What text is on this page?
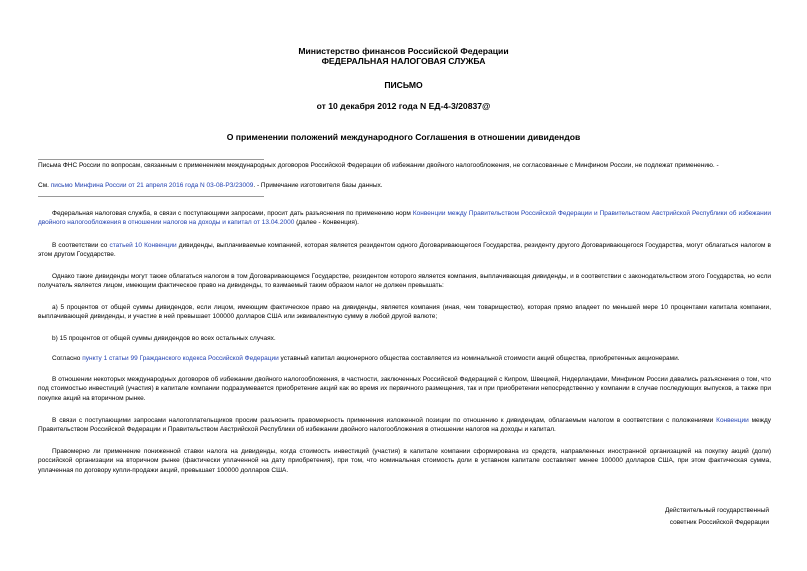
Министерство финансов Российской Федерации
ФЕДЕРАЛЬНАЯ НАЛОГОВАЯ СЛУЖБА
ПИСЬМО
от 10 декабря 2012 года N ЕД-4-3/20837@
О применении положений международного Соглашения в отношении дивидендов
Письма ФНС России по вопросам, связанным с применением международных договоров Российской Федерации об избежании двойного налогообложения, не согласованные с Минфином России, не подлежат применению. -
См. письмо Минфина России от 21 апреля 2016 года N 03-08-РЗ/23009. - Примечание изготовителя базы данных.
Федеральная налоговая служба, в связи с поступающими запросами, просит дать разъяснения по применению норм Конвенции между Правительством Российской Федерации и Правительством Австрийской Республики об избежании двойного налогообложения в отношении налогов на доходы и капитал от 13.04.2000 (далее - Конвенция).
В соответствии со статьей 10 Конвенции дивиденды, выплачиваемые компанией, которая является резидентом одного Договаривающегося Государства, резиденту другого Договаривающегося Государства, могут облагаться налогом в этом другом Государстве.
Однако такие дивиденды могут также облагаться налогом в том Договаривающемся Государстве, резидентом которого является компания, выплачивающая дивиденды, и в соответствии с законодательством этого Государства, но если получатель является лицом, имеющим фактическое право на дивиденды, то взимаемый таким образом налог не должен превышать:
а) 5 процентов от общей суммы дивидендов, если лицом, имеющим фактическое право на дивиденды, является компания (иная, чем товарищество), которая прямо владеет по меньшей мере 10 процентами капитала компании, выплачивающей дивиденды, и участие в ней превышает 100000 долларов США или эквивалентную сумму в любой другой валюте;
b) 15 процентов от общей суммы дивидендов во всех остальных случаях.
Согласно пункту 1 статьи 99 Гражданского кодекса Российской Федерации уставный капитал акционерного общества составляется из номинальной стоимости акций общества, приобретенных акционерами.
В отношении некоторых международных договоров об избежании двойного налогообложения, в частности, заключенных Российской Федерацией с Кипром, Швецией, Нидерландами, Минфином России давались разъяснения о том, что под стоимостью инвестиций (участия) в капитале компании подразумевается приобретение акций как во время их первичного размещения, так и при приобретении непосредственно у компании в случае последующих выпусков, а также при покупке акций на вторичном рынке.
В связи с поступающими запросами налогоплательщиков просим разъяснить правомерность применения изложенной позиции по отношению к дивидендам, облагаемым налогом в соответствии с положениями Конвенции между Правительством Российской Федерации и Правительством Австрийской Республики об избежании двойного налогообложения в отношении налогов на доходы и капитал.
Правомерно ли применение пониженной ставки налога на дивиденды, когда стоимость инвестиций (участия) в капитале компании сформирована из средств, направленных иностранной организацией на покупку акций (доли) российской организации на вторичном рынке (фактически уплаченной на дату приобретения), при том, что номинальная стоимость доли в уставном капитале составляет менее 100000 долларов США, при этом фактическая сумма, уплаченная по договору купли-продажи акций, превышает 100000 долларов США.
Действительный государственный
советник Российской Федерации
